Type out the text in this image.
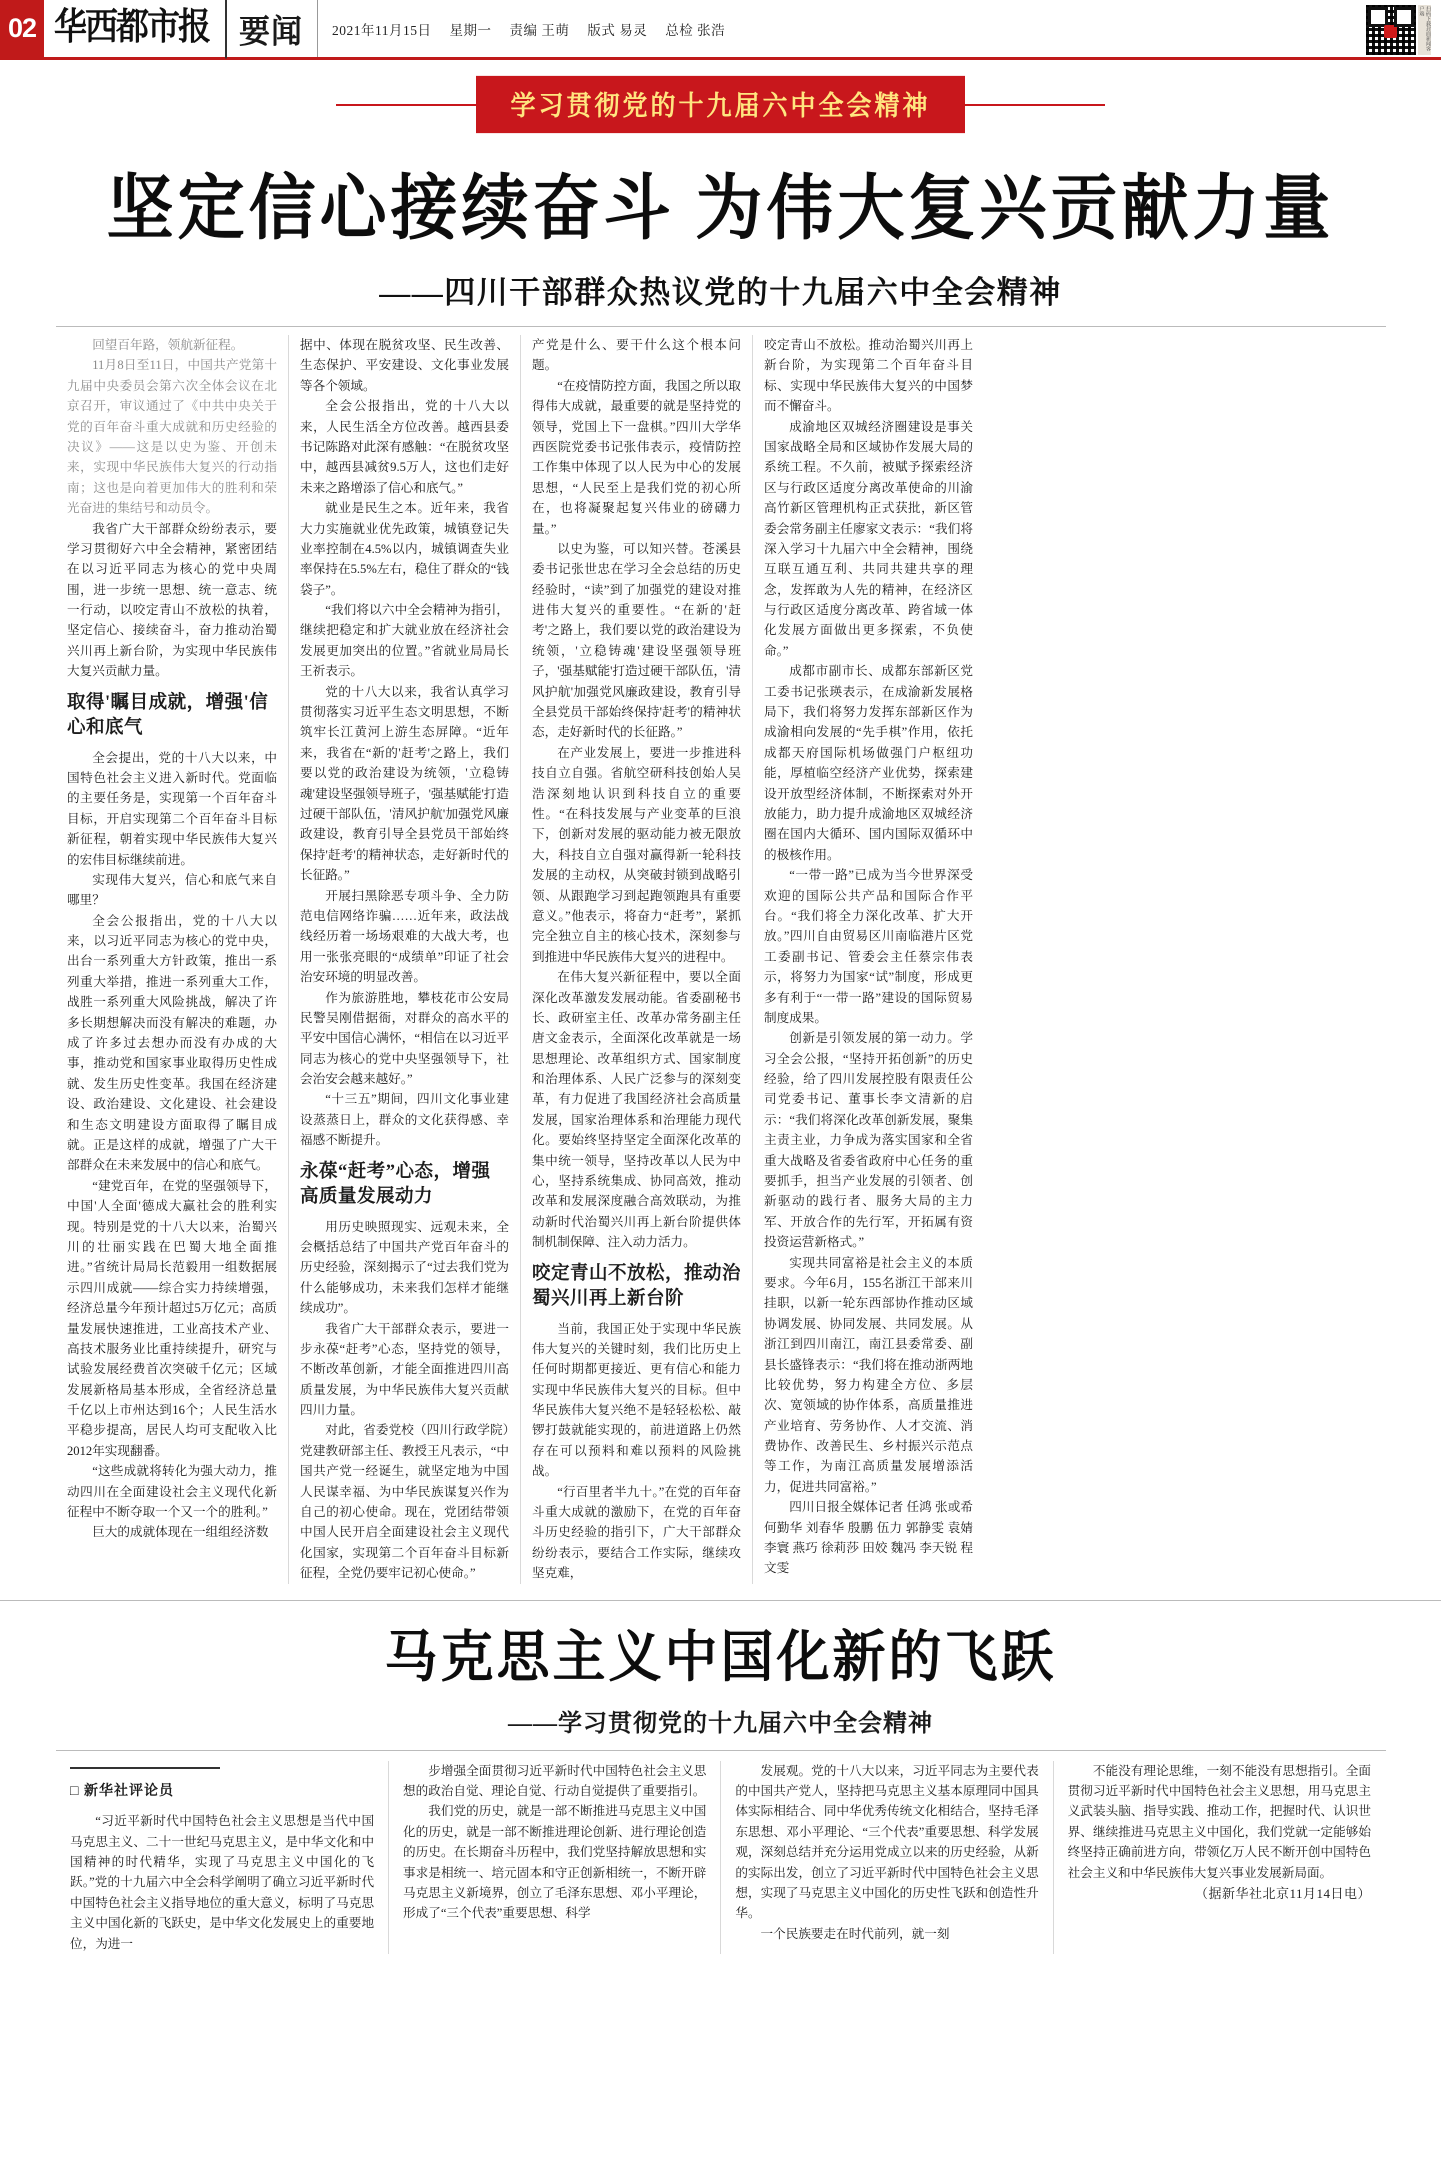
02 华西都市报 要闻	2021年11月15日 星期一 责编 王萌 版式 易灵 总检 张浩	扫码下载封面新闻客户端
学习贯彻党的十九届六中全会精神
坚定信心接续奋斗 为伟大复兴贡献力量
——四川干部群众热议党的十九届六中全会精神

回望百年路，领航新征程。

11月8日至11日，中国共产党第十九届中央委员会第六次全体会议在北京召开，审议通过了《中共中央关于党的百年奋斗重大成就和历史经验的决议》——这是以史为鉴、开创未来，实现中华民族伟大复兴的行动指南；这也是向着更加伟大的胜利和荣光奋进的集结号和动员令。

我省广大干部群众纷纷表示，要学习贯彻好六中全会精神，紧密团结在以习近平同志为核心的党中央周围，进一步统一思想、统一意志、统一行动，以咬定青山不放松的执着，坚定信心、接续奋斗，奋力推动治蜀兴川再上新台阶，为实现中华民族伟大复兴贡献力量。

取得'瞩目成就，增强'信心和底气

全会提出，党的十八大以来，中国特色社会主义进入新时代。党面临的主要任务是，实现第一个百年奋斗目标，开启实现第二个百年奋斗目标新征程，朝着实现中华民族伟大复兴的宏伟目标继续前进。

实现伟大复兴，信心和底气来自哪里？

全会公报指出，党的十八大以来，以习近平同志为核心的党中央，出台一系列重大方针政策，推出一系列重大举措，推进一系列重大工作，战胜一系列重大风险挑战，解决了许多长期想解决而没有解决的难题，办成了许多过去想办而没有办成的大事，推动党和国家事业取得历史性成就、发生历史性变革。我国在经济建设、政治建设、文化建设、社会建设和生态文明建设方面取得了瞩目成就。正是这样的成就，增强了广大干部群众在未来发展中的信心和底气。

“建党百年，在党的坚强领导下，中国'人全面'德成大赢社会的胜利实现。特别是党的十八大以来，治蜀兴川的壮丽实践在巴蜀大地全面推进。”省统计局局长范毅用一组数据展示四川成就——综合实力持续增强，经济总量今年预计超过5万亿元；高质量发展快速推进，工业高技术产业、高技术服务业比重持续提升，研究与试验发展经费首次突破千亿元；区域发展新格局基本形成，全省经济总量千亿以上市州达到16个；人民生活水平稳步提高，居民人均可支配收入比2012年实现翻番。

“这些成就将转化为强大动力，推动四川在全面建设社会主义现代化新征程中不断夺取一个又一个的胜利。”

巨大的成就体现在一组组经济数

据中、体现在脱贫攻坚、民生改善、生态保护、平安建设、文化事业发展等各个领域。

全会公报指出，党的十八大以来，人民生活全方位改善。越西县委书记陈路对此深有感触：“在脱贫攻坚中，越西县减贫9.5万人，这也们走好未来之路增添了信心和底气。”

就业是民生之本。近年来，我省大力实施就业优先政策，城镇登记失业率控制在4.5%以内，城镇调查失业率保持在5.5%左右，稳住了群众的“钱袋子”。

“我们将以六中全会精神为指引，继续把稳定和扩大就业放在经济社会发展更加突出的位置。”省就业局局长王祈表示。

党的十八大以来，我省认真学习贯彻落实习近平生态文明思想，不断筑牢长江黄河上游生态屏障。“近年来，我省在“新的'赶考'之路上，我们要以党的政治建设为统领，'立稳铸魂'建设坚强领导班子，'强基赋能'打造过硬干部队伍，'清风护航'加强党风廉政建设，教育引导全县党员干部始终保持'赶考'的精神状态，走好新时代的长征路。”

开展扫黑除恶专项斗争、全力防范电信网络诈骗……近年来，政法战线经历着一场场艰难的大战大考，也用一张张亮眼的“成绩单”印证了社会治安环境的明显改善。

作为旅游胜地，攀枝花市公安局民警吴刚借据衙，对群众的高水平的平安中国信心满怀，“相信在以习近平同志为核心的党中央坚强领导下，社会治安会越来越好。”

“十三五”期间，四川文化事业建设蒸蒸日上，群众的文化获得感、幸福感不断提升。

永葆“赶考”心态，增强高质量发展动力

用历史映照现实、远观未来，全会概括总结了中国共产党百年奋斗的历史经验，深刻揭示了“过去我们党为什么能够成功，未来我们怎样才能继续成功”。

我省广大干部群众表示，要进一步永葆“赶考”心态，坚持党的领导，不断改革创新，才能全面推进四川高质量发展，为中华民族伟大复兴贡献四川力量。

对此，省委党校（四川行政学院）党建教研部主任、教授王凡表示，“中国共产党一经诞生，就坚定地为中国人民谋幸福、为中华民族谋复兴作为自己的初心使命。现在，党团结带领中国人民开启全面建设社会主义现代化国家，实现第二个百年奋斗目标新征程，全党仍要牢记初心使命。”

产党是什么、要干什么这个根本问题。

“在疫情防控方面，我国之所以取得伟大成就，最重要的就是坚持党的领导，党国上下一盘棋。”四川大学华西医院党委书记张伟表示，疫情防控工作集中体现了以人民为中心的发展思想，“人民至上是我们党的初心所在，也将凝聚起复兴伟业的磅礴力量。”

以史为鉴，可以知兴替。苍溪县委书记张世忠在学习全会总结的历史经验时，“读”到了加强党的建设对推进伟大复兴的重要性。“在新的'赶考'之路上，我们要以党的政治建设为统领，'立稳铸魂'建设坚强领导班子，'强基赋能'打造过硬干部队伍，'清风护航'加强党风廉政建设，教育引导全县党员干部始终保持'赶考'的精神状态，走好新时代的长征路。”

在产业发展上，要进一步推进科技自立自强。省航空研科技创始人吴浩深刻地认识到科技自立的重要性。“在科技发展与产业变革的巨浪下，创新对发展的驱动能力被无限放大，科技自立自强对赢得新一轮科技发展的主动权，从突破封锁到战略引领、从跟跑学习到起跑领跑具有重要意义。”他表示，将奋力“赶考”，紧抓完全独立自主的核心技术，深刻参与到推进中华民族伟大复兴的进程中。

在伟大复兴新征程中，要以全面深化改革激发发展动能。省委副秘书长、政研室主任、改革办常务副主任唐文金表示，全面深化改革就是一场思想理论、改革组织方式、国家制度和治理体系、人民广泛参与的深刻变革，有力促进了我国经济社会高质量发展，国家治理体系和治理能力现代化。要始终坚持坚定全面深化改革的集中统一领导，坚持改革以人民为中心，坚持系统集成、协同高效，推动改革和发展深度融合高效联动，为推动新时代治蜀兴川再上新台阶提供体制机制保障、注入动力活力。

咬定青山不放松，推动治蜀兴川再上新台阶

当前，我国正处于实现中华民族伟大复兴的关键时刻，我们比历史上任何时期都更接近、更有信心和能力实现中华民族伟大复兴的目标。但中华民族伟大复兴绝不是轻轻松松、敲锣打鼓就能实现的，前进道路上仍然存在可以预料和难以预料的风险挑战。

“行百里者半九十。”在党的百年奋斗重大成就的激励下，在党的百年奋斗历史经验的指引下，广大干部群众纷纷表示，要结合工作实际，继续攻坚克难，

咬定青山不放松。推动治蜀兴川再上新台阶，为实现第二个百年奋斗目标、实现中华民族伟大复兴的中国梦而不懈奋斗。

成渝地区双城经济圈建设是事关国家战略全局和区域协作发展大局的系统工程。不久前，被赋予探索经济区与行政区适度分离改革使命的川渝高竹新区管理机构正式获批，新区管委会常务副主任廖家文表示：“我们将深入学习十九届六中全会精神，围绕互联互通互利、共同共建共享的理念，发挥敢为人先的精神，在经济区与行政区适度分离改革、跨省域一体化发展方面做出更多探索，不负使命。”

成都市副市长、成都东部新区党工委书记张瑛表示，在成渝新发展格局下，我们将努力发挥东部新区作为成渝相向发展的“先手棋”作用，依托成都天府国际机场做强门户枢纽功能，厚植临空经济产业优势，探索建设开放型经济体制，不断探索对外开放能力，助力提升成渝地区双城经济圈在国内大循环、国内国际双循环中的极核作用。

“一带一路”已成为当今世界深受欢迎的国际公共产品和国际合作平台。“我们将全力深化改革、扩大开放。”四川自由贸易区川南临港片区党工委副书记、管委会主任蔡宗伟表示，将努力为国家“试”制度，形成更多有利于“一带一路”建设的国际贸易制度成果。

创新是引领发展的第一动力。学习全会公报，“坚持开拓创新”的历史经验，给了四川发展控股有限责任公司党委书记、董事长李文清新的启示：“我们将深化改革创新发展，聚集主责主业，力争成为落实国家和全省重大战略及省委省政府中心任务的重要抓手，担当产业发展的引领者、创新驱动的践行者、服务大局的主力军、开放合作的先行军，开拓属有资投资运营新格式。”

实现共同富裕是社会主义的本质要求。今年6月，155名浙江干部来川挂职，以新一轮东西部协作推动区域协调发展、协同发展、共同发展。从浙江到四川南江，南江县委常委、副县长盛锋表示：“我们将在推动浙两地比较优势，努力构建全方位、多层次、宽领域的协作体系，高质量推进产业培育、劳务协作、人才交流、消费协作、改善民生、乡村振兴示范点等工作，为南江高质量发展增添活力，促进共同富裕。”

四川日报全媒体记者 任鸿 张或希 何勤华 刘春华 殷鹏 伍力 郭静雯 袁婧 李寰 燕巧 徐莉莎 田姣 魏冯 李天锐 程文雯

马克思主义中国化新的飞跃
——学习贯彻党的十九届六中全会精神
□ 新华社评论员

“习近平新时代中国特色社会主义思想是当代中国马克思主义、二十一世纪马克思主义，是中华文化和中国精神的时代精华，实现了马克思主义中国化的飞跃。”党的十九届六中全会科学阐明了确立习近平新时代中国特色社会主义指导地位的重大意义，标明了马克思主义中国化新的飞跃史，是中华文化发展史上的重要地位，为进一

步增强全面贯彻习近平新时代中国特色社会主义思想的政治自觉、理论自觉、行动自觉提供了重要指引。

我们党的历史，就是一部不断推进马克思主义中国化的历史，就是一部不断推进理论创新、进行理论创造的历史。在长期奋斗历程中，我们党坚持解放思想和实事求是相统一、培元固本和守正创新相统一，不断开辟马克思主义新境界，创立了毛泽东思想、邓小平理论，形成了“三个代表”重要思想、科学

发展观。党的十八大以来，习近平同志为主要代表的中国共产党人，坚持把马克思主义基本原理同中国具体实际相结合、同中华优秀传统文化相结合，坚持毛泽东思想、邓小平理论、“三个代表”重要思想、科学发展观，深刻总结并充分运用党成立以来的历史经验，从新的实际出发，创立了习近平新时代中国特色社会主义思想，实现了马克思主义中国化的历史性飞跃和创造性升华。

一个民族要走在时代前列，就一刻

不能没有理论思维，一刻不能没有思想指引。全面贯彻习近平新时代中国特色社会主义思想，用马克思主义武装头脑、指导实践、推动工作，把握时代、认识世界、继续推进马克思主义中国化，我们党就一定能够始终坚持正确前进方向，带领亿万人民不断开创中国特色社会主义和中华民族伟大复兴事业发展新局面。

（据新华社北京11月14日电）
